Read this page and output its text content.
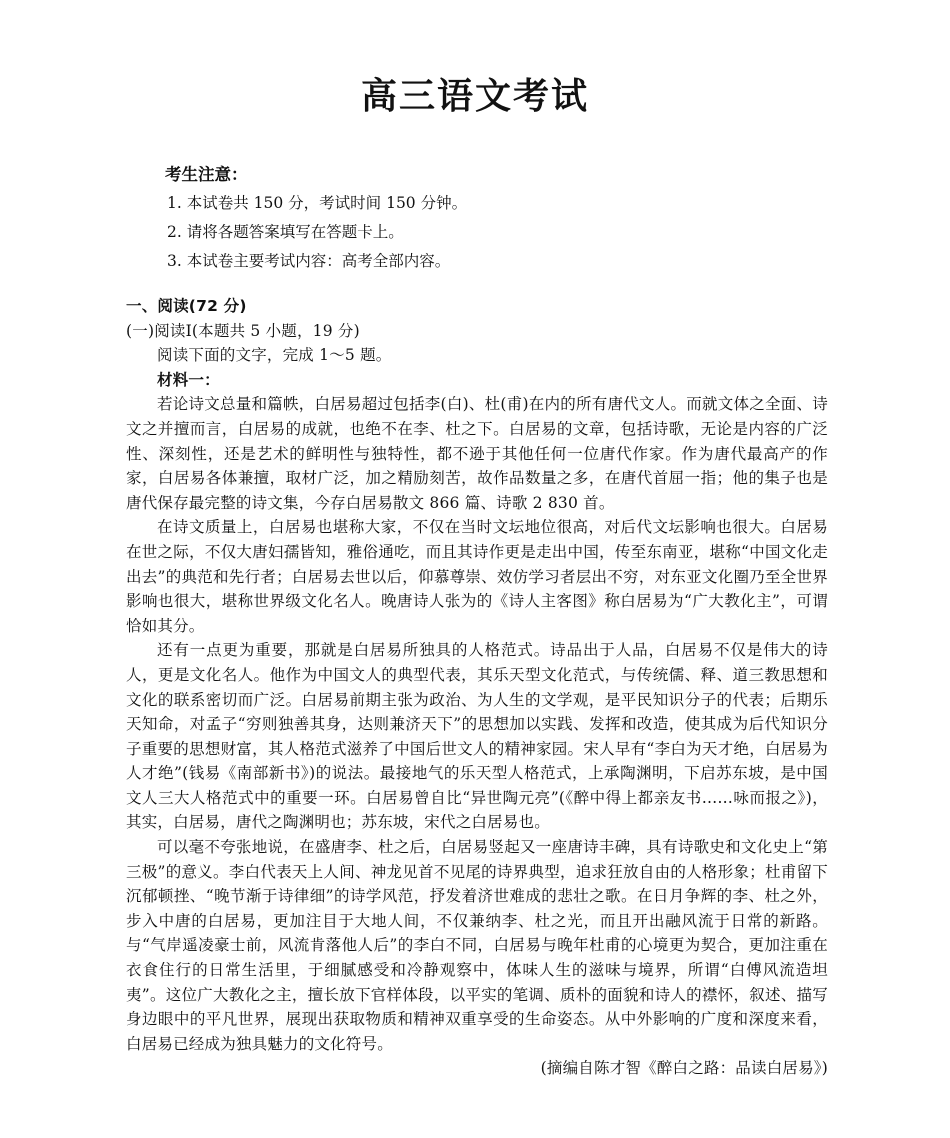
高三语文考试
考生注意：
1. 本试卷共 150 分，考试时间 150 分钟。
2. 请将各题答案填写在答题卡上。
3. 本试卷主要考试内容：高考全部内容。
一、阅读(72 分)
(一)阅读Ⅰ(本题共 5 小题，19 分)
阅读下面的文字，完成 1～5 题。
材料一：

若论诗文总量和篇帙，白居易超过包括李(白)、杜(甫)在内的所有唐代文人。而就文体之全面、诗文之并擅而言，白居易的成就，也绝不在李、杜之下。白居易的文章，包括诗歌，无论是内容的广泛性、深刻性，还是艺术的鲜明性与独特性，都不逊于其他任何一位唐代作家。作为唐代最高产的作家，白居易各体兼擅，取材广泛，加之精励刻苦，故作品数量之多，在唐代首屈一指；他的集子也是唐代保存最完整的诗文集，今存白居易散文 866 篇、诗歌 2 830 首。

在诗文质量上，白居易也堪称大家，不仅在当时文坛地位很高，对后代文坛影响也很大。白居易在世之际，不仅大唐妇孺皆知，雅俗通吃，而且其诗作更是走出中国，传至东南亚，堪称“中国文化走出去”的典范和先行者；白居易去世以后，仰慕尊崇、效仿学习者层出不穷，对东亚文化圈乃至全世界影响也很大，堪称世界级文化名人。晚唐诗人张为的《诗人主客图》称白居易为“广大教化主”，可谓恰如其分。

还有一点更为重要，那就是白居易所独具的人格范式。诗品出于人品，白居易不仅是伟大的诗人，更是文化名人。他作为中国文人的典型代表，其乐天型文化范式，与传统儒、释、道三教思想和文化的联系密切而广泛。白居易前期主张为政治、为人生的文学观，是平民知识分子的代表；后期乐天知命，对孟子“穷则独善其身，达则兼济天下”的思想加以实践、发挥和改造，使其成为后代知识分子重要的思想财富，其人格范式滋养了中国后世文人的精神家园。宋人早有“李白为天才绝，白居易为人才绝”(钱易《南部新书》)的说法。最接地气的乐天型人格范式，上承陶渊明，下启苏东坡，是中国文人三大人格范式中的重要一环。白居易曾自比“异世陶元亮”(《醉中得上都亲友书……咏而报之》)，其实，白居易，唐代之陶渊明也；苏东坡，宋代之白居易也。

可以毫不夸张地说，在盛唐李、杜之后，白居易竖起又一座唐诗丰碑，具有诗歌史和文化史上“第三极”的意义。李白代表天上人间、神龙见首不见尾的诗界典型，追求狂放自由的人格形象；杜甫留下沉郁顿挫、“晚节渐于诗律细”的诗学风范，抒发着济世难成的悲壮之歌。在日月争辉的李、杜之外，步入中唐的白居易，更加注目于大地人间，不仅兼纳李、杜之光，而且开出融风流于日常的新路。与“气岸遥凌豪士前，风流肯落他人后”的李白不同，白居易与晚年杜甫的心境更为契合，更加注重在衣食住行的日常生活里，于细腻感受和冷静观察中，体味人生的滋味与境界，所谓“白傅风流造坦夷”。这位广大教化之主，擅长放下官样体段，以平实的笔调、质朴的面貌和诗人的襟怀，叙述、描写身边眼中的平凡世界，展现出获取物质和精神双重享受的生命姿态。从中外影响的广度和深度来看，白居易已经成为独具魅力的文化符号。

(摘编自陈才智《醉白之路：品读白居易》)
